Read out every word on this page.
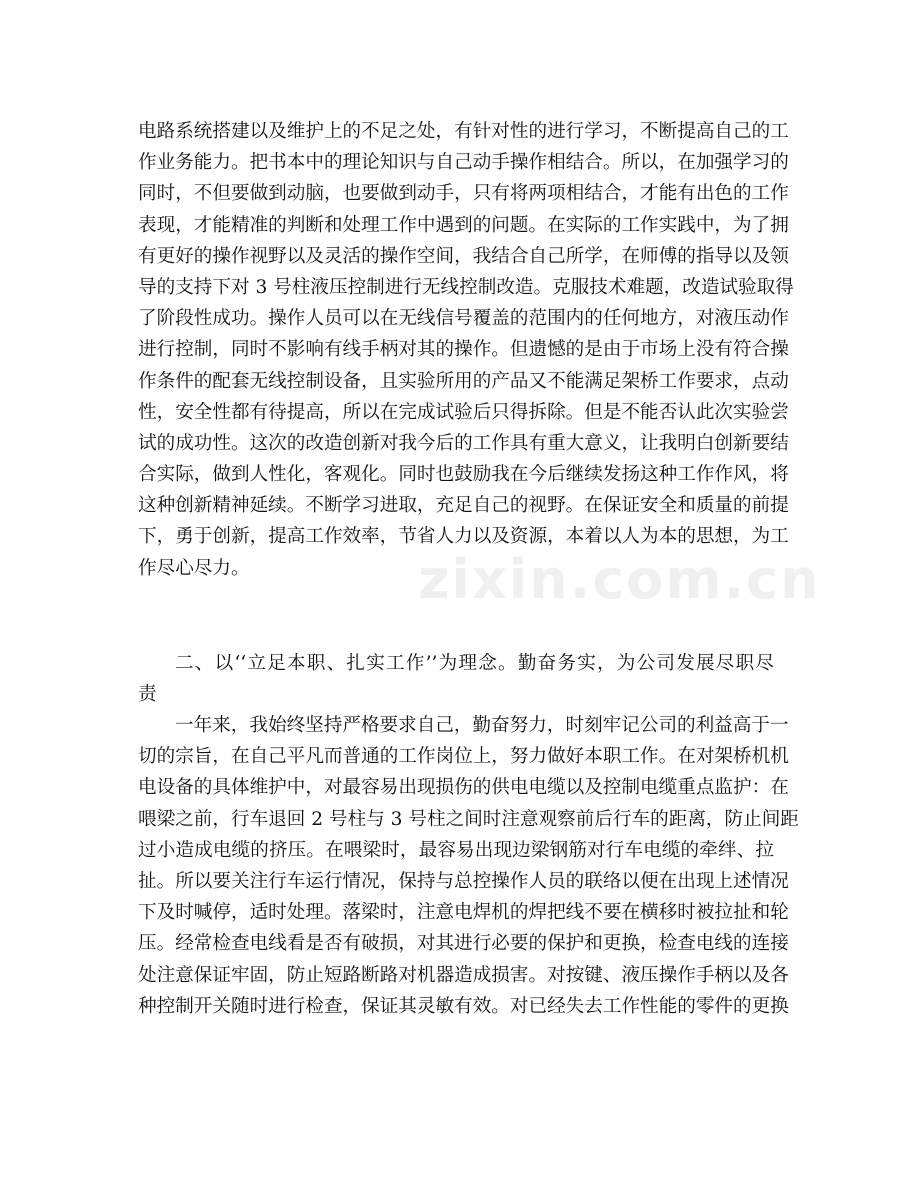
zixin.com.cn
电路系统搭建以及维护上的不足之处，有针对性的进行学习，不断提高自己的工
作业务能力。把书本中的理论知识与自己动手操作相结合。所以，在加强学习的
同时，不但要做到动脑，也要做到动手，只有将两项相结合，才能有出色的工作
表现，才能精准的判断和处理工作中遇到的问题。在实际的工作实践中，为了拥
有更好的操作视野以及灵活的操作空间，我结合自己所学，在师傅的指导以及领
导的支持下对 3 号柱液压控制进行无线控制改造。克服技术难题，改造试验取得
了阶段性成功。操作人员可以在无线信号覆盖的范围内的任何地方，对液压动作
进行控制，同时不影响有线手柄对其的操作。但遗憾的是由于市场上没有符合操
作条件的配套无线控制设备，且实验所用的产品又不能满足架桥工作要求，点动
性，安全性都有待提高，所以在完成试验后只得拆除。但是不能否认此次实验尝
试的成功性。这次的改造创新对我今后的工作具有重大意义，让我明白创新要结
合实际，做到人性化，客观化。同时也鼓励我在今后继续发扬这种工作作风，将
这种创新精神延续。不断学习进取，充足自己的视野。在保证安全和质量的前提
下，勇于创新，提高工作效率，节省人力以及资源，本着以人为本的思想，为工
作尽心尽力。
二、以‘‘立足本职、扎实工作’’为理念。勤奋务实，为公司发展尽职尽
责
一年来，我始终坚持严格要求自己，勤奋努力，时刻牢记公司的利益高于一
切的宗旨，在自己平凡而普通的工作岗位上，努力做好本职工作。在对架桥机机
电设备的具体维护中，对最容易出现损伤的供电电缆以及控制电缆重点监护：在
喂梁之前，行车退回 2 号柱与 3 号柱之间时注意观察前后行车的距离，防止间距
过小造成电缆的挤压。在喂梁时，最容易出现边梁钢筋对行车电缆的牵绊、拉
扯。所以要关注行车运行情况，保持与总控操作人员的联络以便在出现上述情况
下及时喊停，适时处理。落梁时，注意电焊机的焊把线不要在横移时被拉扯和轮
压。经常检查电线看是否有破损，对其进行必要的保护和更换，检查电线的连接
处注意保证牢固，防止短路断路对机器造成损害。对按键、液压操作手柄以及各
种控制开关随时进行检查，保证其灵敏有效。对已经失去工作性能的零件的更换
